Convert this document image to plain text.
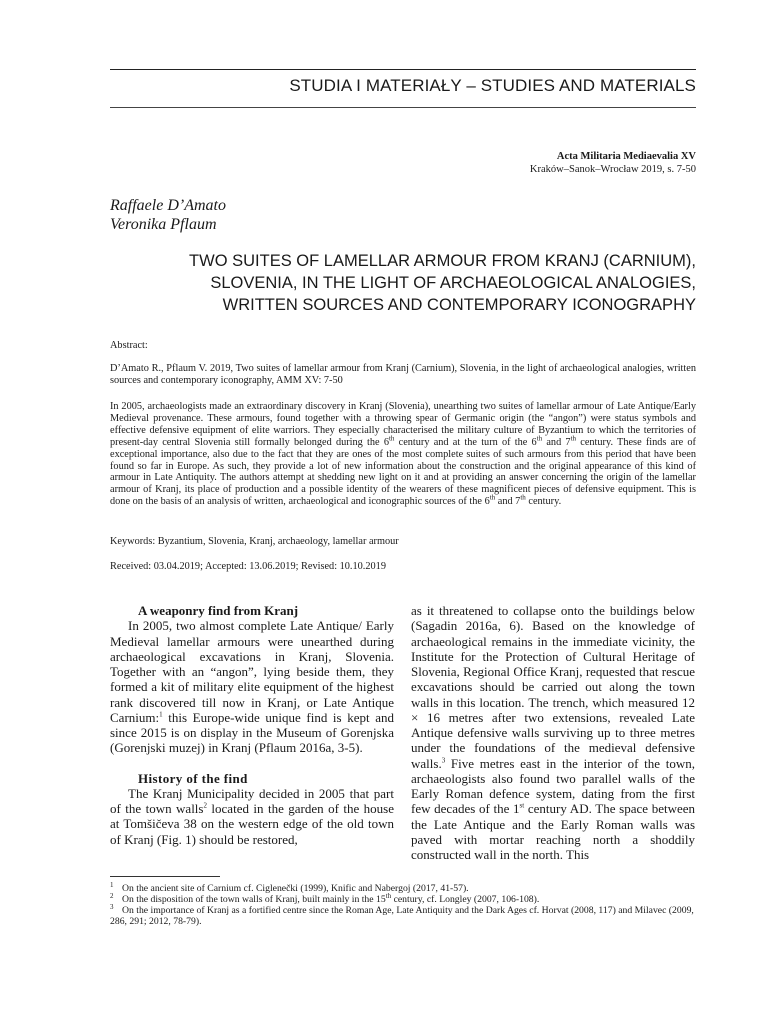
STUDIA I MATERIAŁY – STUDIES AND MATERIALS
Acta Militaria Mediaevalia XV
Kraków–Sanok–Wrocław 2019, s. 7-50
Raffaele D’Amato
Veronika Pflaum
TWO SUITES OF LAMELLAR ARMOUR FROM KRANJ (CARNIUM),
SLOVENIA, IN THE LIGHT OF ARCHAEOLOGICAL ANALOGIES,
WRITTEN SOURCES AND CONTEMPORARY ICONOGRAPHY
Abstract:
D’Amato R., Pflaum V. 2019, Two suites of lamellar armour from Kranj (Carnium), Slovenia, in the light of archaeological analogies, written sources and contemporary iconography, AMM XV: 7-50
In 2005, archaeologists made an extraordinary discovery in Kranj (Slovenia), unearthing two suites of lamellar armour of Late Antique/Early Medieval provenance. These armours, found together with a throwing spear of Germanic origin (the “angon”) were status symbols and effective defensive equipment of elite warriors. They especially characterised the military culture of Byzantium to which the territories of present-day central Slovenia still formally belonged during the 6th century and at the turn of the 6th and 7th century. These finds are of exceptional importance, also due to the fact that they are ones of the most complete suites of such armours from this period that have been found so far in Europe. As such, they provide a lot of new information about the construction and the original appearance of this kind of armour in Late Antiquity. The authors attempt at shedding new light on it and at providing an answer concerning the origin of the lamellar armour of Kranj, its place of production and a possible identity of the wearers of these magnificent pieces of defensive equipment. This is done on the basis of an analysis of written, archaeological and iconographic sources of the 6th and 7th century.
Keywords: Byzantium, Slovenia, Kranj, archaeology, lamellar armour
Received: 03.04.2019; Accepted: 13.06.2019; Revised: 10.10.2019
A weaponry find from Kranj

In 2005, two almost complete Late Antique/ Early Medieval lamellar armours were unearthed during archaeological excavations in Kranj, Slovenia. Together with an “angon”, lying beside them, they formed a kit of military elite equipment of the highest rank discovered till now in Kranj, or Late Antique Carnium:$^1$ this Europe-wide unique find is kept and since 2015 is on display in the Museum of Gorenjska (Gorenjski muzej) in Kranj (Pflaum 2016a, 3-5).

History of the find

The Kranj Municipality decided in 2005 that part of the town walls$^2$ located in the garden of the house at Tomšičeva 38 on the western edge of the old town of Kranj (Fig. 1) should be restored,

as it threatened to collapse onto the buildings below (Sagadin 2016a, 6). Based on the knowledge of archaeological remains in the immediate vicinity, the Institute for the Protection of Cultural Heritage of Slovenia, Regional Office Kranj, requested that rescue excavations should be carried out along the town walls in this location. The trench, which measured 12 × 16 metres after two extensions, revealed Late Antique defensive walls surviving up to three metres under the foundations of the medieval defensive walls.$^3$ Five metres east in the interior of the town, archaeologists also found two parallel walls of the Early Roman defence system, dating from the first few decades of the 1st century AD. The space between the Late Antique and the Early Roman walls was paved with mortar reaching north a shoddily constructed wall in the north. This

$^1$ On the ancient site of Carnium cf. Ciglenečki (1999), Knific and Nabergoj (2017, 41-57).

$^2$ On the disposition of the town walls of Kranj, built mainly in the 15th century, cf. Longley (2007, 106-108).

$^3$ On the importance of Kranj as a fortified centre since the Roman Age, Late Antiquity and the Dark Ages cf. Horvat (2008, 117) and Milavec (2009, 286, 291; 2012, 78-79).
